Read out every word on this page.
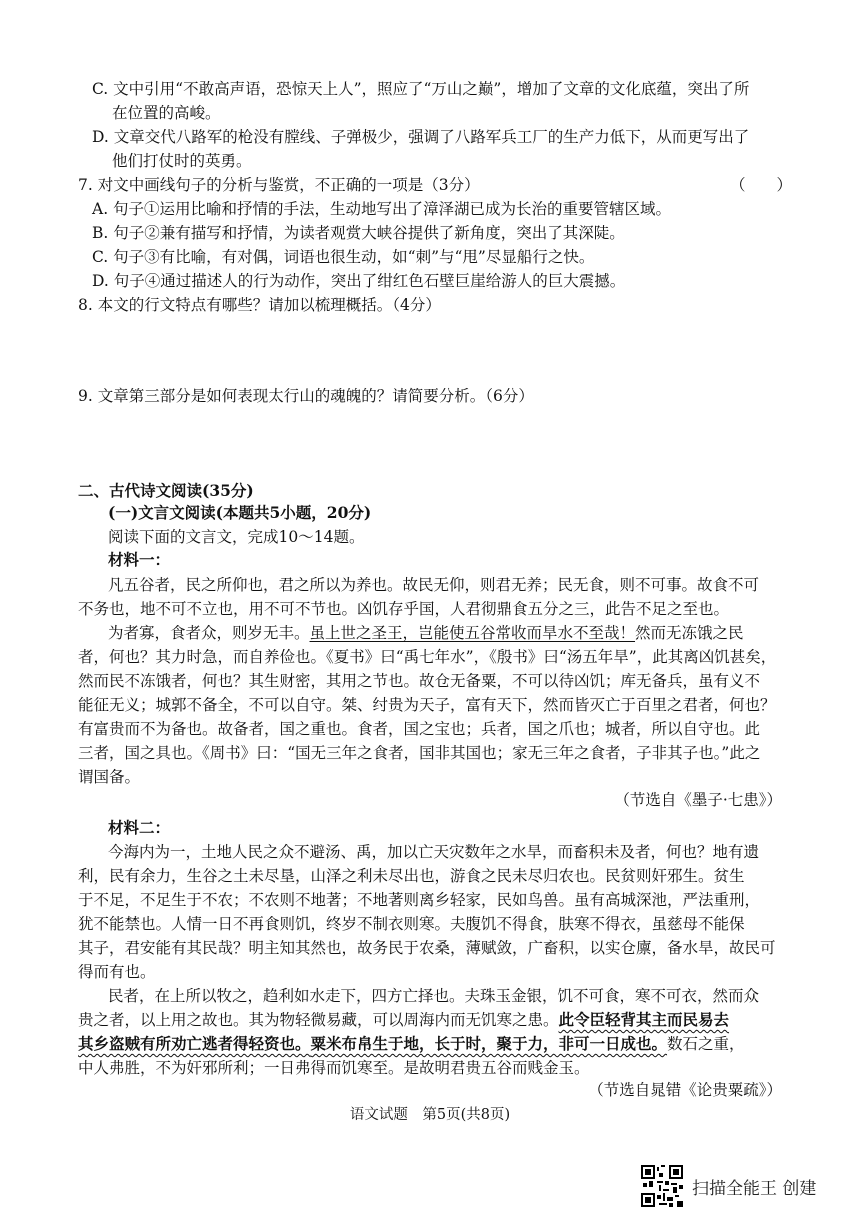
C. 文中引用“不敢高声语，恐惊天上人”，照应了“万山之巅”，增加了文章的文化底蕴，突出了所
在位置的高峻。
D. 文章交代八路军的枪没有膛线、子弹极少，强调了八路军兵工厂的生产力低下，从而更写出了
他们打仗时的英勇。
7. 对文中画线句子的分析与鉴赏，不正确的一项是（3分）	（　　）
A. 句子①运用比喻和抒情的手法，生动地写出了漳泽湖已成为长治的重要管辖区域。
B. 句子②兼有描写和抒情，为读者观赏大峡谷提供了新角度，突出了其深陡。
C. 句子③有比喻，有对偶，词语也很生动，如“刺”与“甩”尽显船行之快。
D. 句子④通过描述人的行为动作，突出了绀红色石壁巨崖给游人的巨大震撼。
8. 本文的行文特点有哪些？请加以梳理概括。（4分）
9. 文章第三部分是如何表现太行山的魂魄的？请简要分析。（6分）
二、古代诗文阅读(35分)
(一)文言文阅读(本题共5小题，20分)
阅读下面的文言文，完成10～14题。
材料一：
凡五谷者，民之所仰也，君之所以为养也。故民无仰，则君无养；民无食，则不可事。故食不可
不务也，地不可不立也，用不可不节也。凶饥存乎国，人君彻鼎食五分之三，此告不足之至也。
为者寡，食者众，则岁无丰。虽上世之圣王，岂能使五谷常收而旱水不至哉！然而无冻饿之民
者，何也？其力时急，而自养俭也。《夏书》曰“禹七年水”，《殷书》曰“汤五年旱”，此其离凶饥甚矣，
然而民不冻饿者，何也？其生财密，其用之节也。故仓无备粟，不可以待凶饥；库无备兵，虽有义不
能征无义；城郭不备全，不可以自守。桀、纣贵为天子，富有天下，然而皆灭亡于百里之君者，何也？
有富贵而不为备也。故备者，国之重也。食者，国之宝也；兵者，国之爪也；城者，所以自守也。此
三者，国之具也。《周书》曰：“国无三年之食者，国非其国也；家无三年之食者，子非其子也。”此之
谓国备。
（节选自《墨子·七患》）
材料二：
今海内为一，土地人民之众不避汤、禹，加以亡天灾数年之水旱，而畜积未及者，何也？地有遗
利，民有余力，生谷之土未尽垦，山泽之利未尽出也，游食之民未尽归农也。民贫则奸邪生。贫生
于不足，不足生于不农；不农则不地著；不地著则离乡轻家，民如鸟兽。虽有高城深池，严法重刑，
犹不能禁也。人情一日不再食则饥，终岁不制衣则寒。夫腹饥不得食，肤寒不得衣，虽慈母不能保
其子，君安能有其民哉？明主知其然也，故务民于农桑，薄赋敛，广畜积，以实仓廪，备水旱，故民可
得而有也。
民者，在上所以牧之，趋利如水走下，四方亡择也。夫珠玉金银，饥不可食，寒不可衣，然而众
贵之者，以上用之故也。其为物轻微易藏，可以周海内而无饥寒之患。此令臣轻背其主而民易去
其乡盗贼有所劝亡逃者得轻资也。粟米布帛生于地，长于时，聚于力，非可一日成也。数石之重，
中人弗胜，不为奸邪所利；一日弗得而饥寒至。是故明君贵五谷而贱金玉。
（节选自晁错《论贵粟疏》）
语文试题　第5页(共8页)
扫描全能王 创建
